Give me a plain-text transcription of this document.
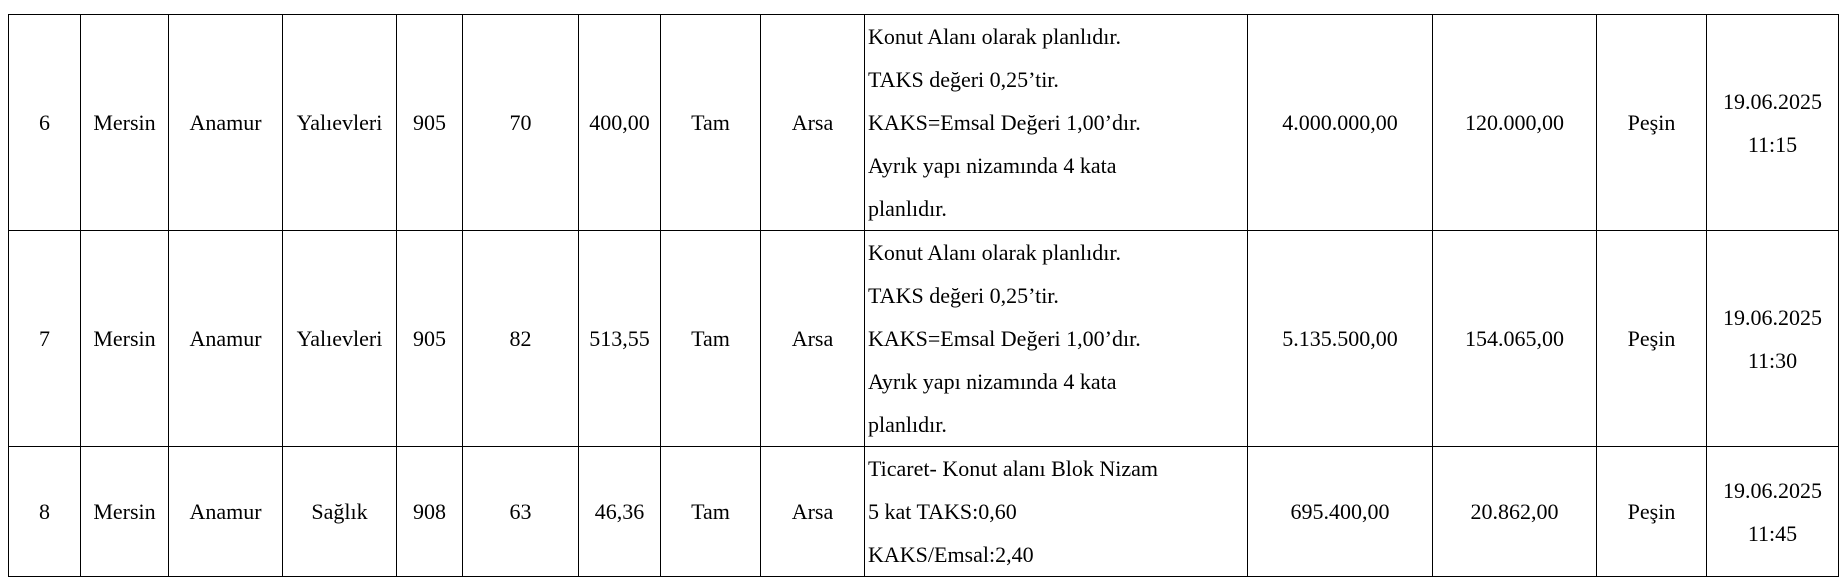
6	Mersin	Anamur	Yalıevleri	905	70	400,00	Tam	Arsa	Konut Alanı olarak planlıdır.
TAKS değeri 0,25’tir.
KAKS=Emsal Değeri 1,00’dır.
Ayrık yapı nizamında 4 kata
planlıdır.	4.000.000,00	120.000,00	Peşin	19.06.2025
11:15

7	Mersin	Anamur	Yalıevleri	905	82	513,55	Tam	Arsa	Konut Alanı olarak planlıdır.
TAKS değeri 0,25’tir.
KAKS=Emsal Değeri 1,00’dır.
Ayrık yapı nizamında 4 kata
planlıdır.	5.135.500,00	154.065,00	Peşin	19.06.2025
11:30

8	Mersin	Anamur	Sağlık	908	63	46,36	Tam	Arsa	Ticaret- Konut alanı Blok Nizam
5 kat TAKS:0,60
KAKS/Emsal:2,40	695.400,00	20.862,00	Peşin	19.06.2025
11:45
